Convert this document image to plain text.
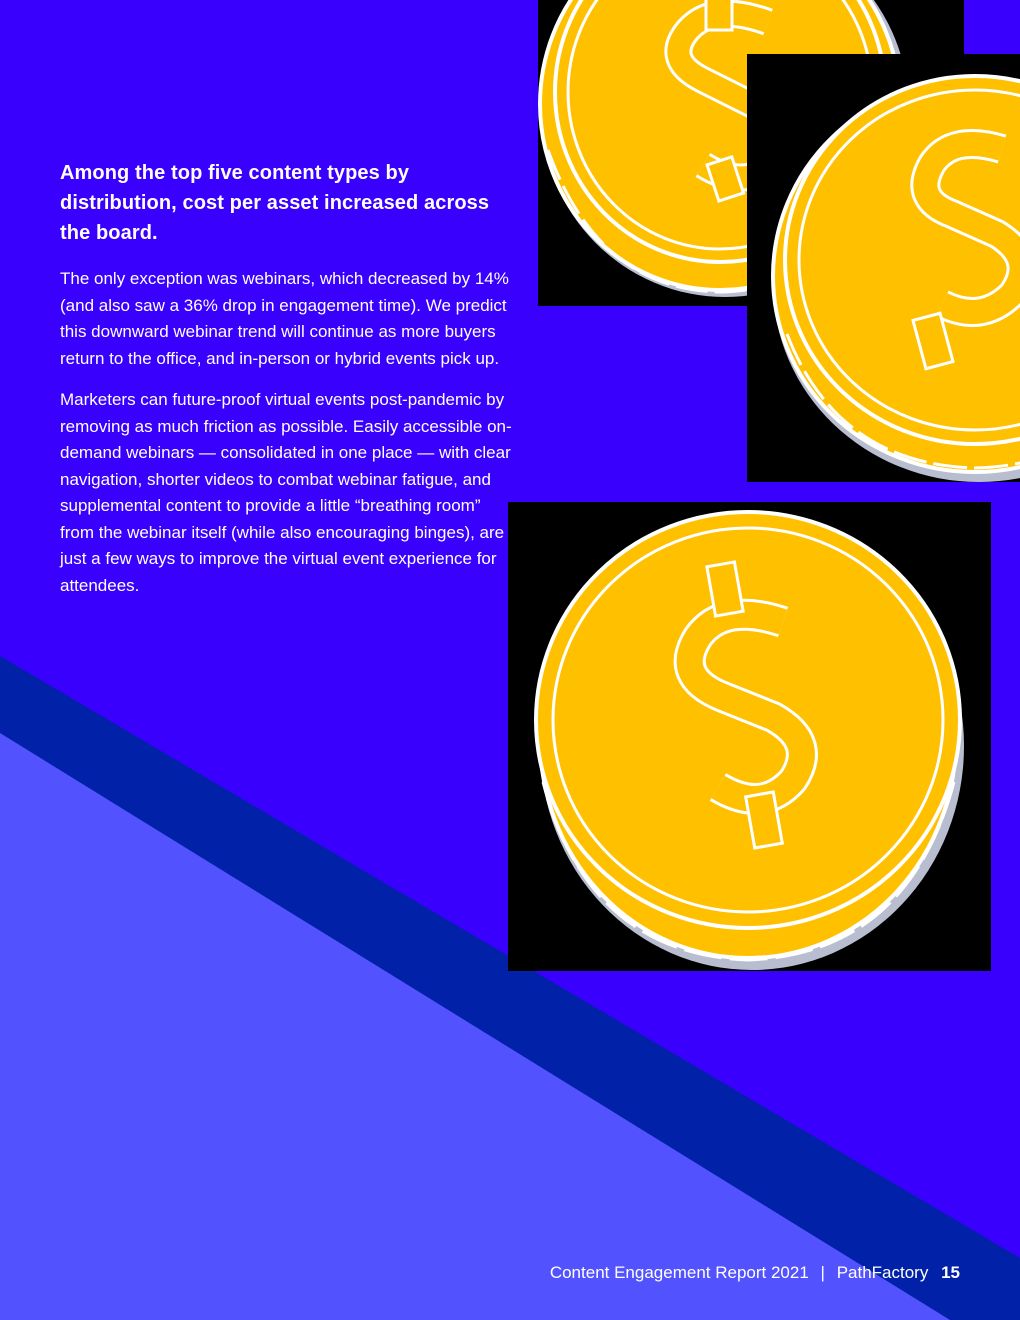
Among the top five content types by distribution, cost per asset increased across the board.

The only exception was webinars, which decreased by 14% (and also saw a 36% drop in engagement time). We predict this downward webinar trend will continue as more buyers return to the office, and in-person or hybrid events pick up.

Marketers can future-proof virtual events post-pandemic by removing as much friction as possible. Easily accessible on-demand webinars — consolidated in one place — with clear navigation, shorter videos to combat webinar fatigue, and supplemental content to provide a little “breathing room” from the webinar itself (while also encouraging binges), are just a few ways to improve the virtual event experience for attendees.

Content Engagement Report 2021 | PathFactory 15
